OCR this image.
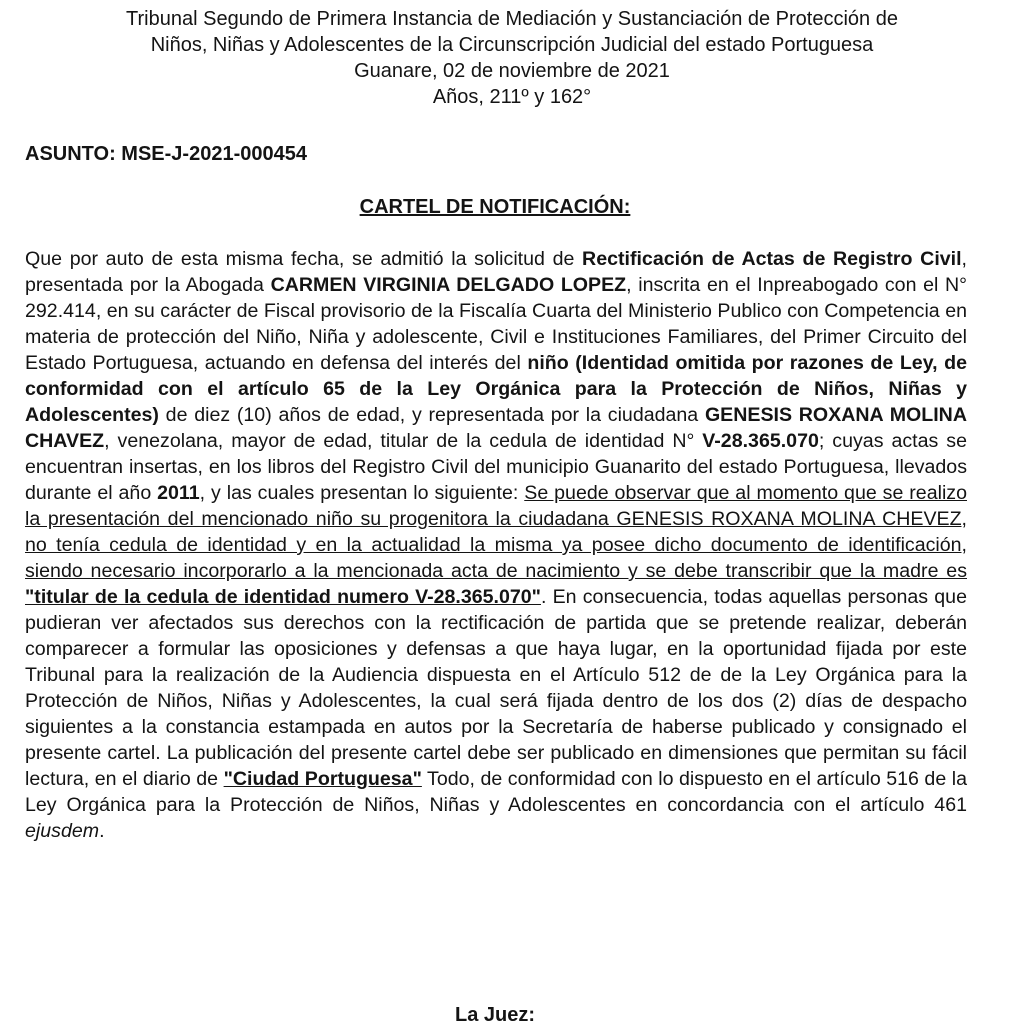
Tribunal Segundo de Primera Instancia de Mediación y Sustanciación de Protección de
Niños, Niñas y Adolescentes de la Circunscripción Judicial del estado Portuguesa
Guanare, 02 de noviembre de 2021
Años, 211º y 162°
ASUNTO: MSE-J-2021-000454
CARTEL DE NOTIFICACIÓN:
Que por auto de esta misma fecha, se admitió la solicitud de Rectificación de Actas de Registro Civil, presentada por la Abogada CARMEN VIRGINIA DELGADO LOPEZ, inscrita en el Inpreabogado con el N° 292.414, en su carácter de Fiscal provisorio de la Fiscalía Cuarta del Ministerio Publico con Competencia en materia de protección del Niño, Niña y adolescente, Civil e Instituciones Familiares, del Primer Circuito del Estado Portuguesa, actuando en defensa del interés del niño (Identidad omitida por razones de Ley, de conformidad con el artículo 65 de la Ley Orgánica para la Protección de Niños, Niñas y Adolescentes) de diez (10) años de edad, y representada por la ciudadana GENESIS ROXANA MOLINA CHAVEZ, venezolana, mayor de edad, titular de la cedula de identidad N° V-28.365.070; cuyas actas se encuentran insertas, en los libros del Registro Civil del municipio Guanarito del estado Portuguesa, llevados durante el año 2011, y las cuales presentan lo siguiente: Se puede observar que al momento que se realizo la presentación del mencionado niño su progenitora la ciudadana GENESIS ROXANA MOLINA CHEVEZ, no tenía cedula de identidad y en la actualidad la misma ya posee dicho documento de identificación, siendo necesario incorporarlo a la mencionada acta de nacimiento y se debe transcribir que la madre es "titular de la cedula de identidad numero V-28.365.070". En consecuencia, todas aquellas personas que pudieran ver afectados sus derechos con la rectificación de partida que se pretende realizar, deberán comparecer a formular las oposiciones y defensas a que haya lugar, en la oportunidad fijada por este Tribunal para la realización de la Audiencia dispuesta en el Artículo 512 de de la Ley Orgánica para la Protección de Niños, Niñas y Adolescentes, la cual será fijada dentro de los dos (2) días de despacho siguientes a la constancia estampada en autos por la Secretaría de haberse publicado y consignado el presente cartel. La publicación del presente cartel debe ser publicado en dimensiones que permitan su fácil lectura, en el diario de "Ciudad Portuguesa" Todo, de conformidad con lo dispuesto en el artículo 516 de la Ley Orgánica para la Protección de Niños, Niñas y Adolescentes en concordancia con el artículo 461 ejusdem.
La Juez:
